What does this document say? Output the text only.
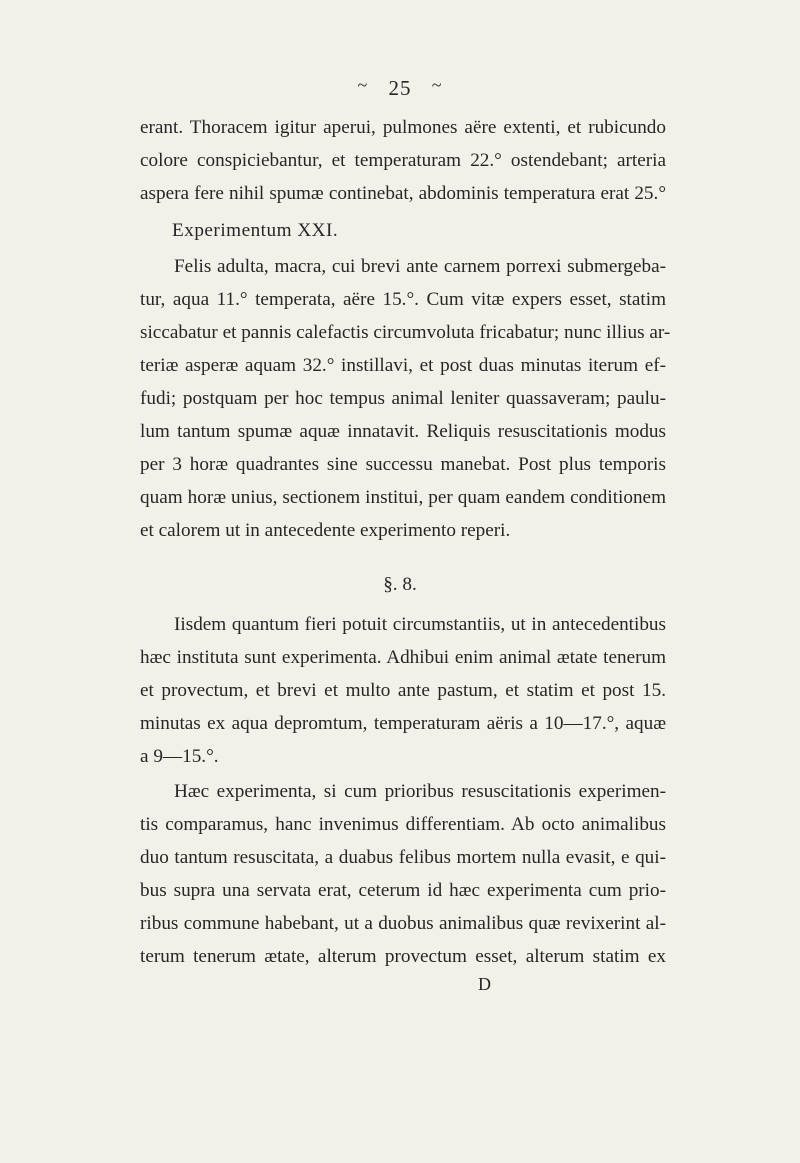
~ 25 ~
erant. Thoracem igitur aperui, pulmones aëre extenti, et rubicundo
colore conspiciebantur, et temperaturam 22.° ostendebant; arteria
aspera fere nihil spumæ continebat, abdominis temperatura erat 25.°
Experimentum XXI.
Felis adulta, macra, cui brevi ante carnem porrexi submergeba-
tur, aqua 11.° temperata, aëre 15.°. Cum vitæ expers esset, statim
siccabatur et pannis calefactis circumvoluta fricabatur; nunc illius ar-
teriæ asperæ aquam 32.° instillavi, et post duas minutas iterum ef-
fudi; postquam per hoc tempus animal leniter quassaveram; paulu-
lum tantum spumæ aquæ innatavit. Reliquis resuscitationis modus
per 3 horæ quadrantes sine successu manebat. Post plus temporis
quam horæ unius, sectionem institui, per quam eandem conditionem
et calorem ut in antecedente experimento reperi.
§. 8.
Iisdem quantum fieri potuit circumstantiis, ut in antecedentibus
hæc instituta sunt experimenta. Adhibui enim animal ætate tenerum
et provectum, et brevi et multo ante pastum, et statim et post 15.
minutas ex aqua depromtum, temperaturam aëris a 10—17.°, aquæ
a 9—15.°.
Hæc experimenta, si cum prioribus resuscitationis experimen-
tis comparamus, hanc invenimus differentiam. Ab octo animalibus
duo tantum resuscitata, a duabus felibus mortem nulla evasit, e qui-
bus supra una servata erat, ceterum id hæc experimenta cum prio-
ribus commune habebant, ut a duobus animalibus quæ revixerint al-
terum tenerum ætate, alterum provectum esset, alterum statim ex
D
